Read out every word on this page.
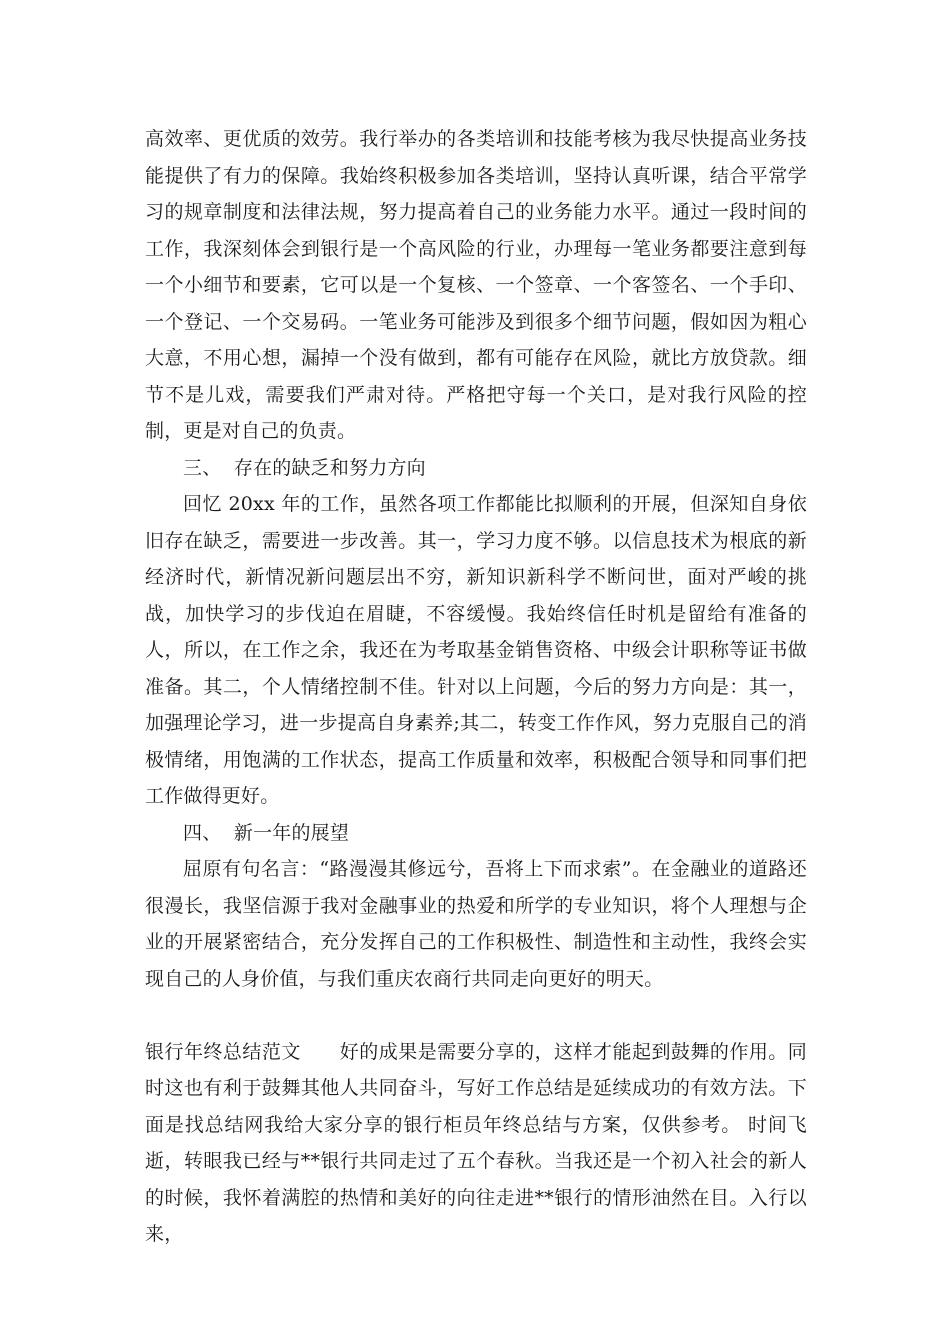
高效率、更优质的效劳。我行举办的各类培训和技能考核为我尽快提高业务技能提供了有力的保障。我始终积极参加各类培训，坚持认真听课，结合平常学习的规章制度和法律法规，努力提高着自己的业务能力水平。通过一段时间的工作，我深刻体会到银行是一个高风险的行业，办理每一笔业务都要注意到每一个小细节和要素，它可以是一个复核、一个签章、一个客签名、一个手印、一个登记、一个交易码。一笔业务可能涉及到很多个细节问题，假如因为粗心大意，不用心想，漏掉一个没有做到，都有可能存在风险，就比方放贷款。细节不是儿戏，需要我们严肃对待。严格把守每一个关口，是对我行风险的控制，更是对自己的负责。

三、  存在的缺乏和努力方向

回忆 20xx 年的工作，虽然各项工作都能比拟顺利的开展，但深知自身依旧存在缺乏，需要进一步改善。其一，学习力度不够。以信息技术为根底的新经济时代，新情况新问题层出不穷，新知识新科学不断问世，面对严峻的挑战，加快学习的步伐迫在眉睫，不容缓慢。我始终信任时机是留给有准备的人，所以，在工作之余，我还在为考取基金销售资格、中级会计职称等证书做准备。其二，个人情绪控制不佳。针对以上问题，今后的努力方向是：其一，加强理论学习，进一步提高自身素养;其二，转变工作作风，努力克服自己的消极情绪，用饱满的工作状态，提高工作质量和效率，积极配合领导和同事们把工作做得更好。

四、  新一年的展望

屈原有句名言：“路漫漫其修远兮，吾将上下而求索”。在金融业的道路还很漫长，我坚信源于我对金融事业的热爱和所学的专业知识，将个人理想与企业的开展紧密结合，充分发挥自己的工作积极性、制造性和主动性，我终会实现自己的人身价值，与我们重庆农商行共同走向更好的明天。

银行年终总结范文　　好的成果是需要分享的，这样才能起到鼓舞的作用。同时这也有利于鼓舞其他人共同奋斗，写好工作总结是延续成功的有效方法。下面是找总结网我给大家分享的银行柜员年终总结与方案，仅供参考。 时间飞逝，转眼我已经与**银行共同走过了五个春秋。当我还是一个初入社会的新人的时候，我怀着满腔的热情和美好的向往走进**银行的情形油然在目。入行以来，
